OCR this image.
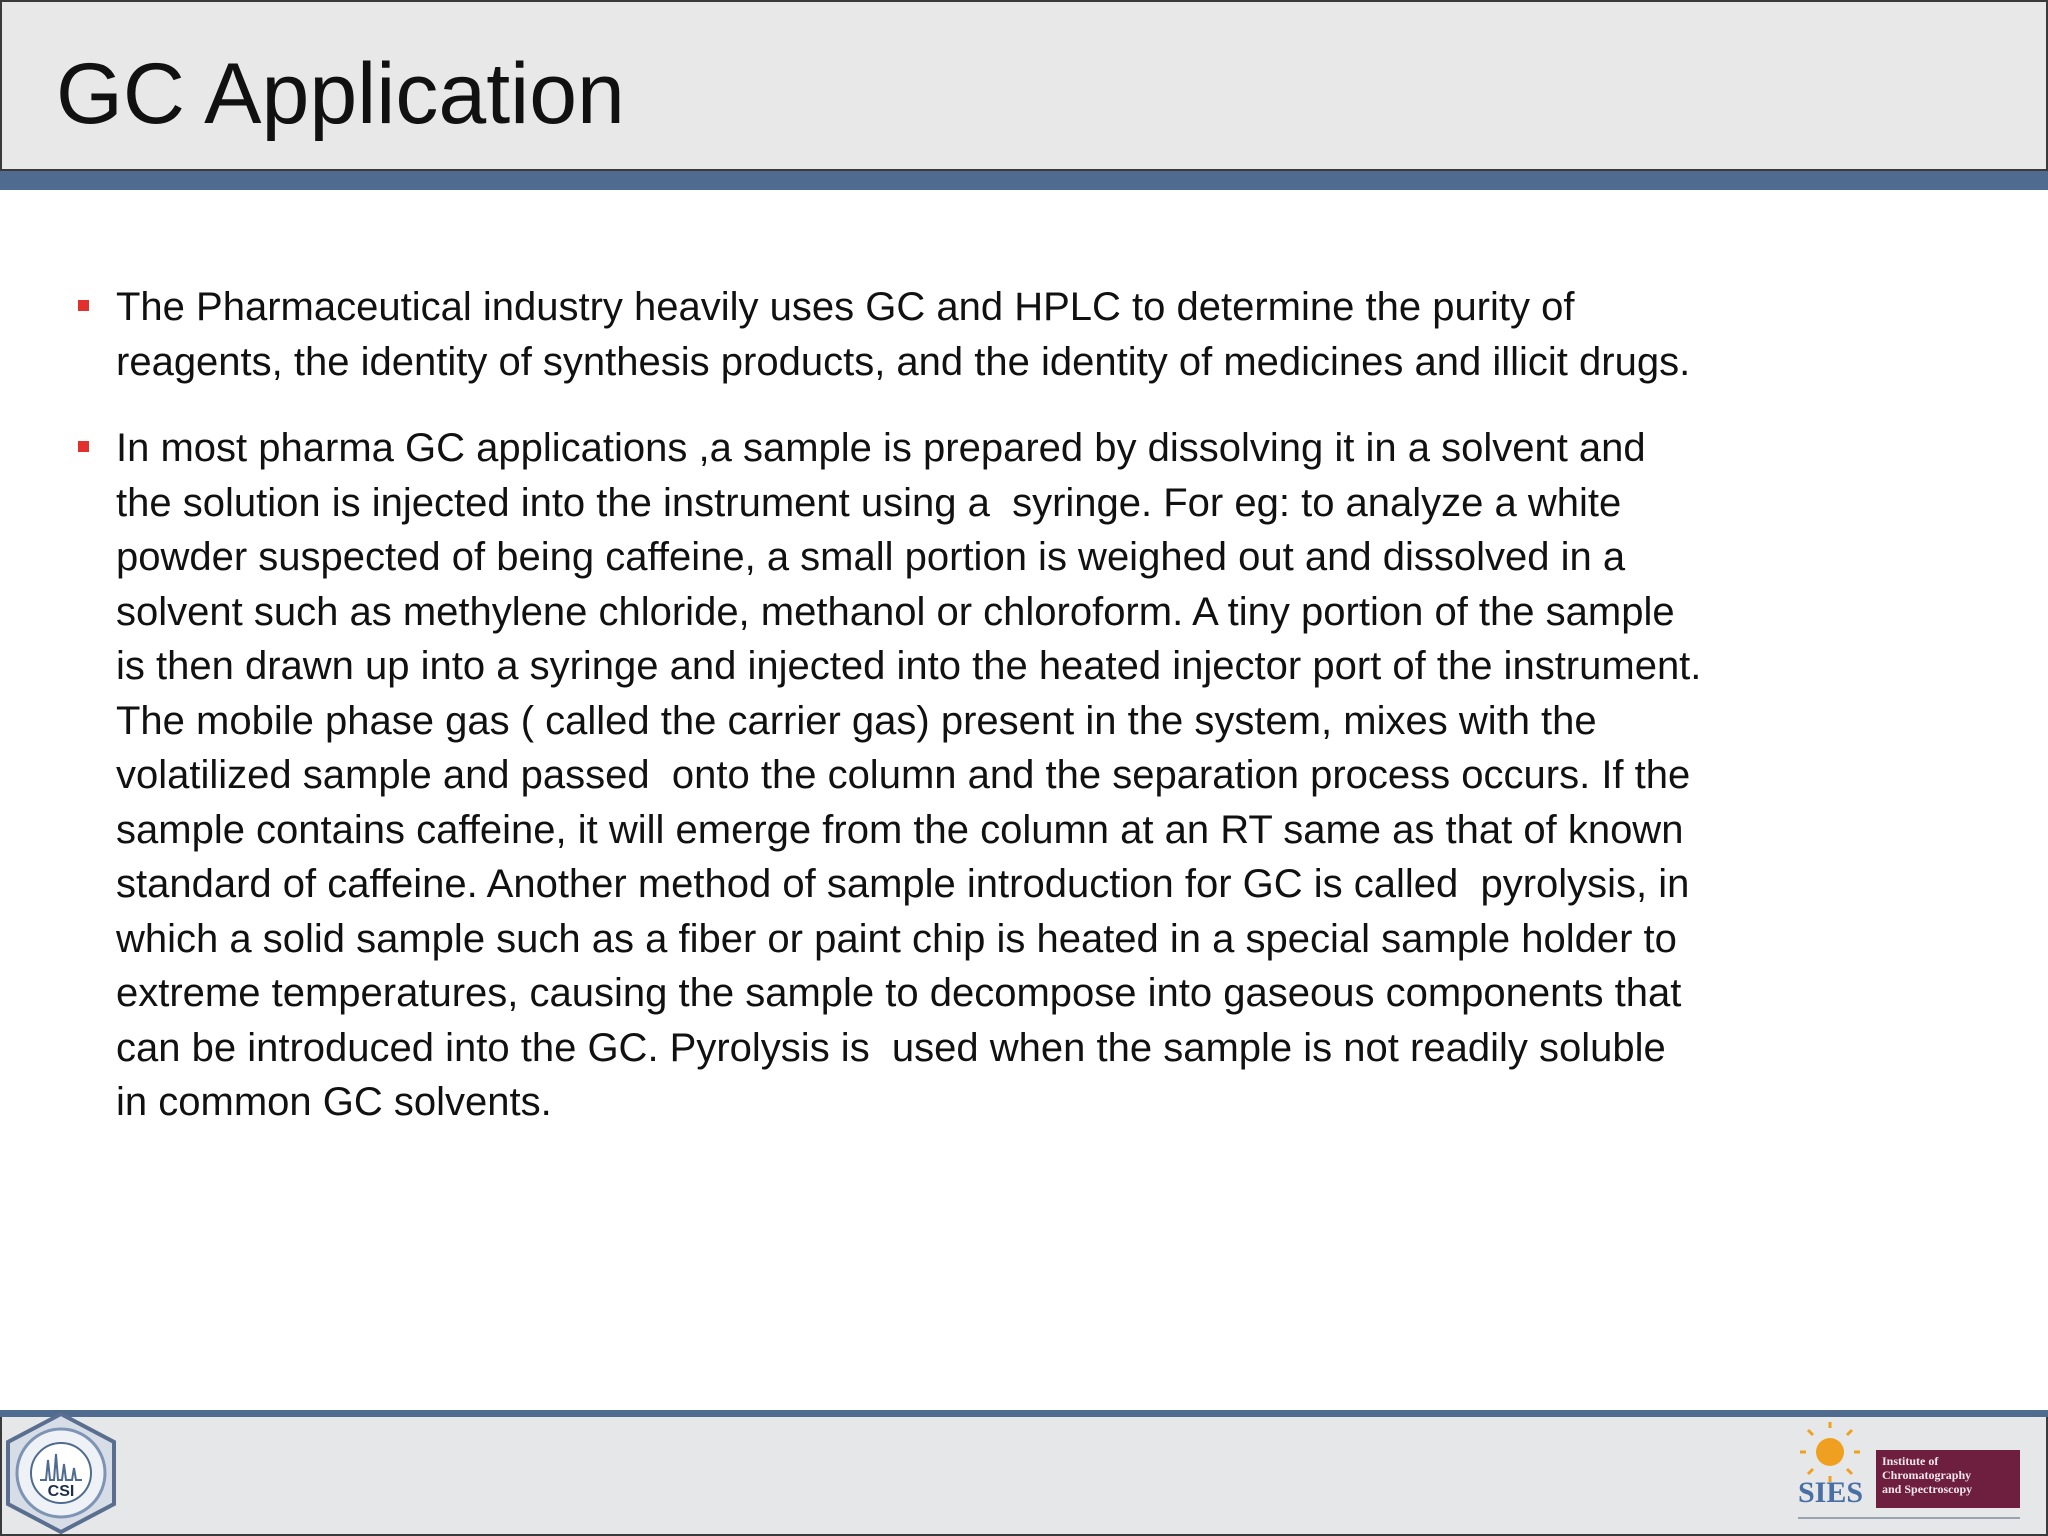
GC Application
The Pharmaceutical industry heavily uses GC and HPLC to determine the purity of
reagents, the identity of synthesis products, and the identity of medicines and illicit drugs.
In most pharma GC applications ,a sample is prepared by dissolving it in a solvent and
the solution is injected into the instrument using a  syringe. For eg: to analyze a white
powder suspected of being caffeine, a small portion is weighed out and dissolved in a
solvent such as methylene chloride, methanol or chloroform. A tiny portion of the sample
is then drawn up into a syringe and injected into the heated injector port of the instrument.
The mobile phase gas ( called the carrier gas) present in the system, mixes with the
volatilized sample and passed  onto the column and the separation process occurs. If the
sample contains caffeine, it will emerge from the column at an RT same as that of known
standard of caffeine. Another method of sample introduction for GC is called  pyrolysis, in
which a solid sample such as a fiber or paint chip is heated in a special sample holder to
extreme temperatures, causing the sample to decompose into gaseous components that
can be introduced into the GC. Pyrolysis is  used when the sample is not readily soluble
in common GC solvents.
CSI	SIES
Institute of
Chromatography
and Spectroscopy
